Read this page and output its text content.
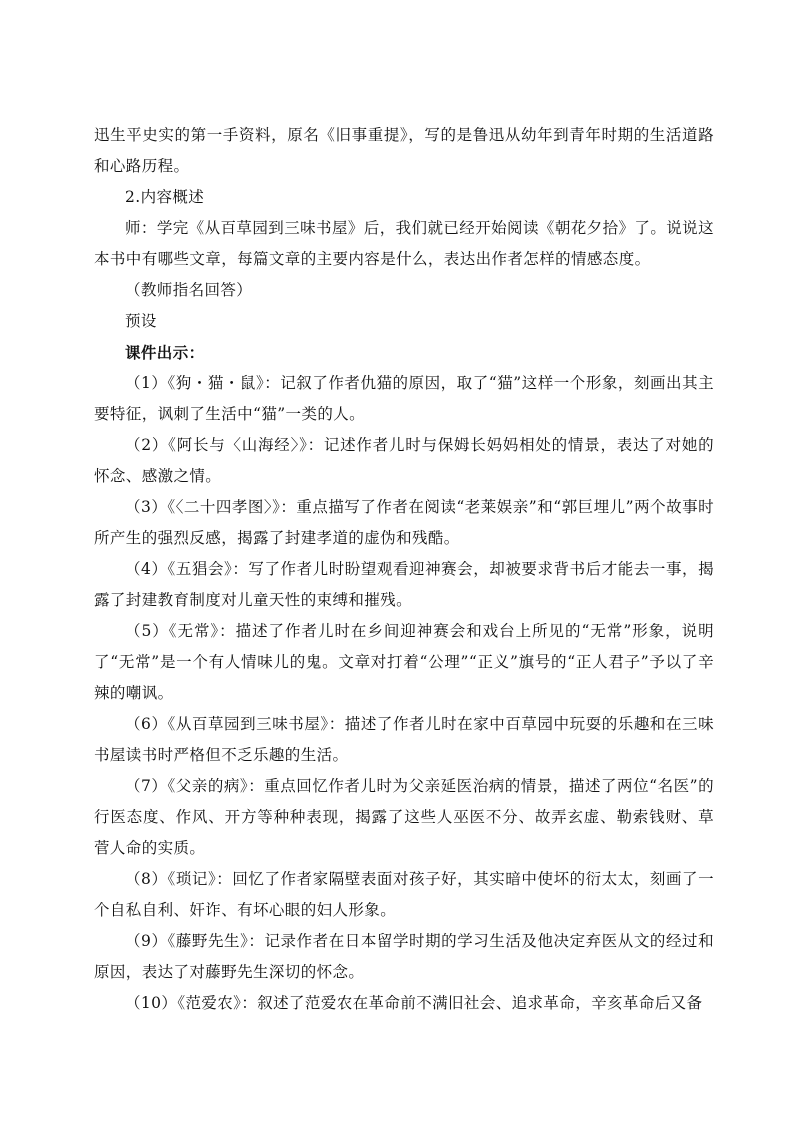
迅生平史实的第一手资料，原名《旧事重提》，写的是鲁迅从幼年到青年时期的生活道路和心路历程。

2.内容概述

师：学完《从百草园到三味书屋》后，我们就已经开始阅读《朝花夕拾》了。说说这本书中有哪些文章，每篇文章的主要内容是什么，表达出作者怎样的情感态度。

（教师指名回答）

预设

课件出示：

（1）《狗・猫・鼠》：记叙了作者仇猫的原因，取了“猫”这样一个形象，刻画出其主要特征，讽刺了生活中“猫”一类的人。

（2）《阿长与〈山海经〉》：记述作者儿时与保姆长妈妈相处的情景，表达了对她的怀念、感激之情。

（3）《〈二十四孝图〉》：重点描写了作者在阅读“老莱娱亲”和“郭巨埋儿”两个故事时所产生的强烈反感，揭露了封建孝道的虚伪和残酷。

（4）《五猖会》：写了作者儿时盼望观看迎神赛会，却被要求背书后才能去一事，揭露了封建教育制度对儿童天性的束缚和摧残。

（5）《无常》：描述了作者儿时在乡间迎神赛会和戏台上所见的“无常”形象，说明了“无常”是一个有人情味儿的鬼。文章对打着“公理”“正义”旗号的“正人君子”予以了辛辣的嘲讽。

（6）《从百草园到三味书屋》：描述了作者儿时在家中百草园中玩耍的乐趣和在三味书屋读书时严格但不乏乐趣的生活。

（7）《父亲的病》：重点回忆作者儿时为父亲延医治病的情景，描述了两位“名医”的行医态度、作风、开方等种种表现，揭露了这些人巫医不分、故弄玄虚、勒索钱财、草菅人命的实质。

（8）《琐记》：回忆了作者家隔壁表面对孩子好，其实暗中使坏的衍太太，刻画了一个自私自利、奸诈、有坏心眼的妇人形象。

（9）《藤野先生》：记录作者在日本留学时期的学习生活及他决定弃医从文的经过和原因，表达了对藤野先生深切的怀念。

（10）《范爱农》：叙述了范爱农在革命前不满旧社会、追求革命，辛亥革命后又备
